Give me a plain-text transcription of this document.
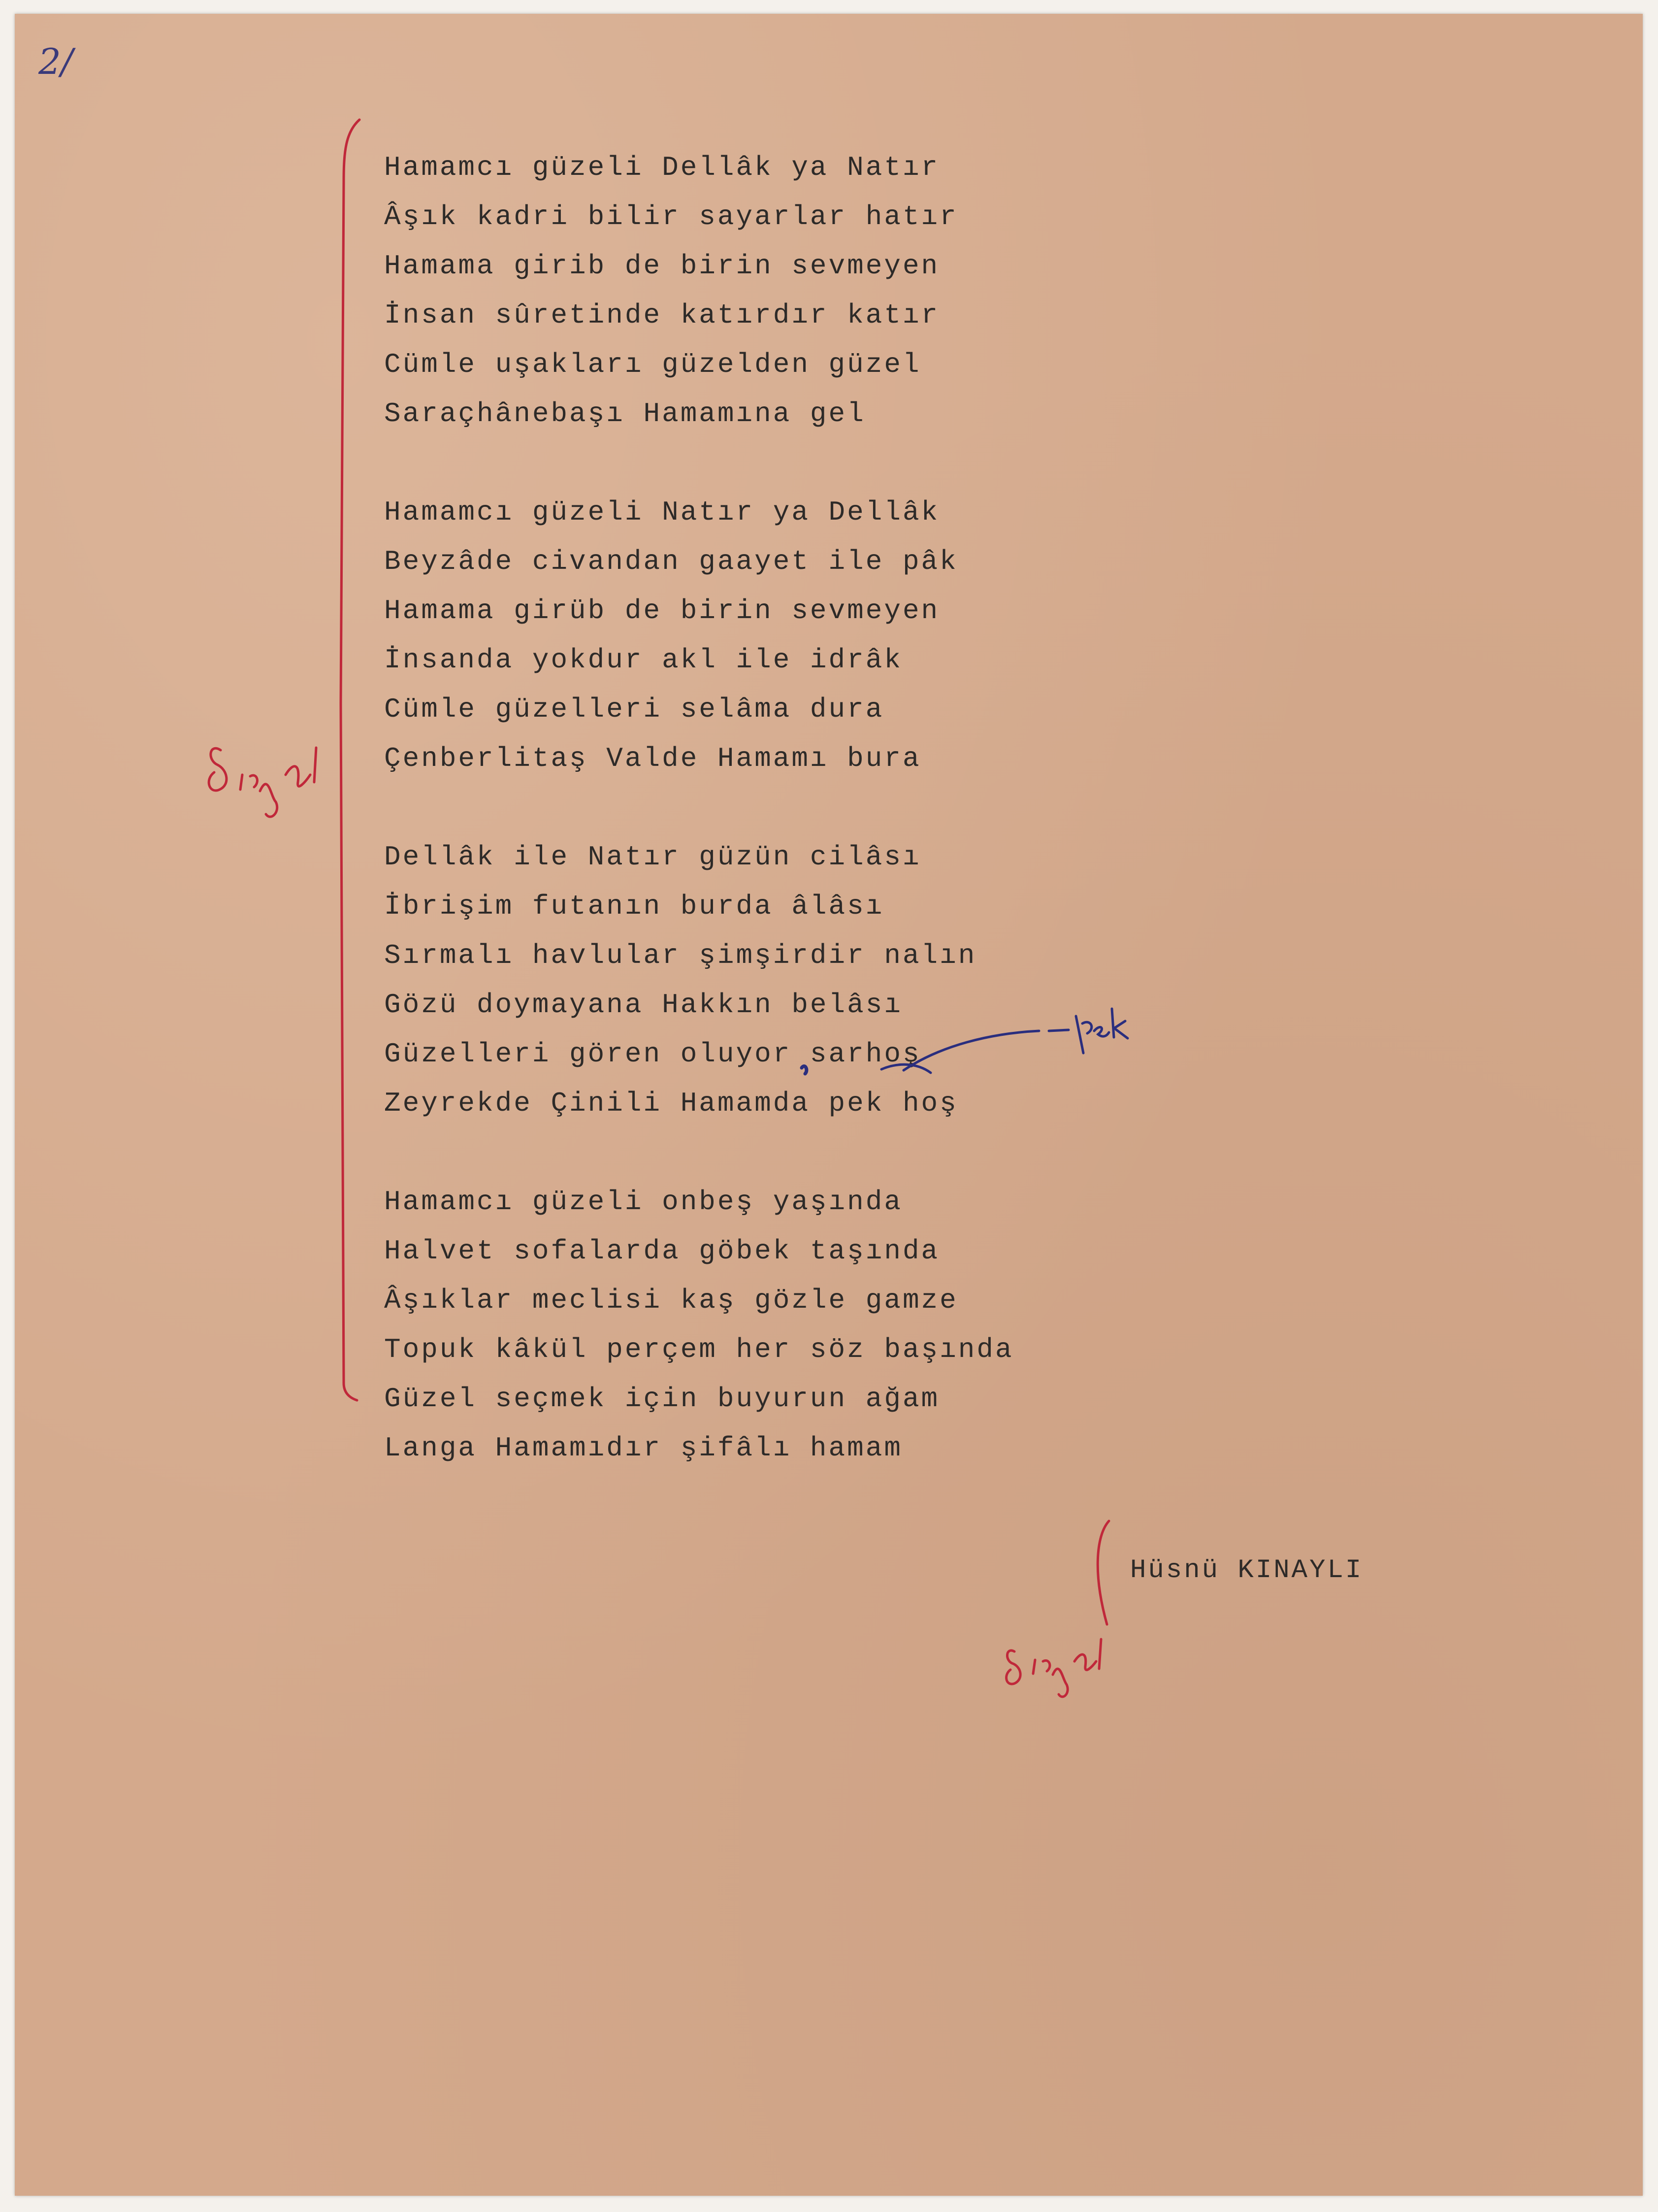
2/
Hamamcı güzeli Dellâk ya Natır
Âşık kadri bilir sayarlar hatır
Hamama girib de birin sevmeyen
İnsan sûretinde katırdır katır
Cümle uşakları güzelden güzel
Saraçhânebaşı Hamamına gel
Hamamcı güzeli Natır ya Dellâk
Beyzâde civandan gaayet ile pâk
Hamama girüb de birin sevmeyen
İnsanda yokdur akl ile idrâk
Cümle güzelleri selâma dura
Çenberlitaş Valde Hamamı bura
Dellâk ile Natır güzün cilâsı
İbrişim futanın burda âlâsı
Sırmalı havlular şimşirdir nalın
Gözü doymayana Hakkın belâsı
Güzelleri gören oluyor sarhoş
Zeyrekde Çinili Hamamda pek hoş
Hamamcı güzeli onbeş yaşında
Halvet sofalarda göbek taşında
Âşıklar meclisi kaş gözle gamze
Topuk kâkül perçem her söz başında
Güzel seçmek için buyurun ağam
Langa Hamamıdır şifâlı hamam
Hüsnü KINAYLI
